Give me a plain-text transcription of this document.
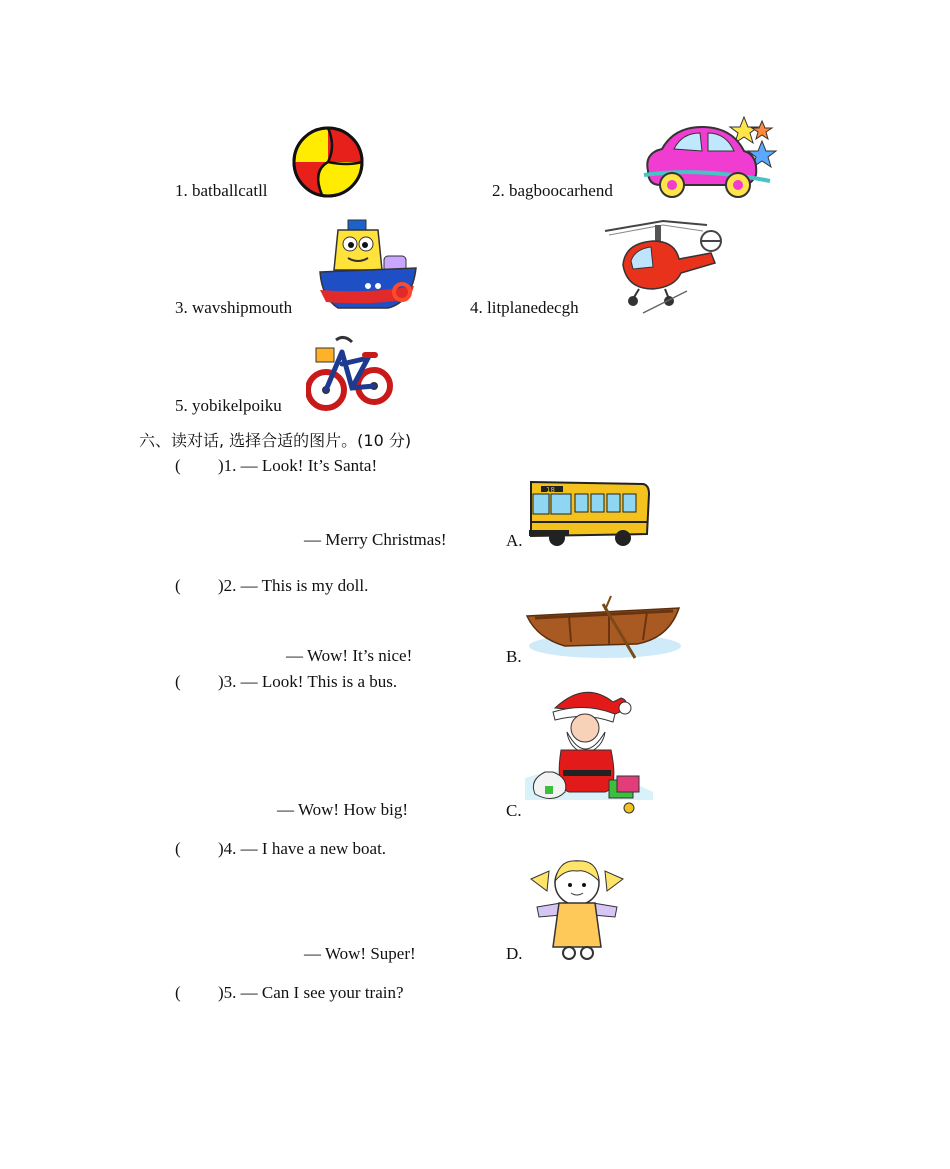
1. batballcatll	2. bagboocarhend
3. wavshipmouth	4. litplanedecgh
5. yobikelpoiku
六、读对话, 选择合适的图片。(10 分)
( )1. — Look! It’s Santa!
— Merry Christmas!
( )2. — This is my doll.
— Wow! It’s nice!
( )3. — Look! This is a bus.
— Wow! How big!
( )4. — I have a new boat.
— Wow! Super!
( )5. — Can I see your train?
A.
18
B.
C.
D.
